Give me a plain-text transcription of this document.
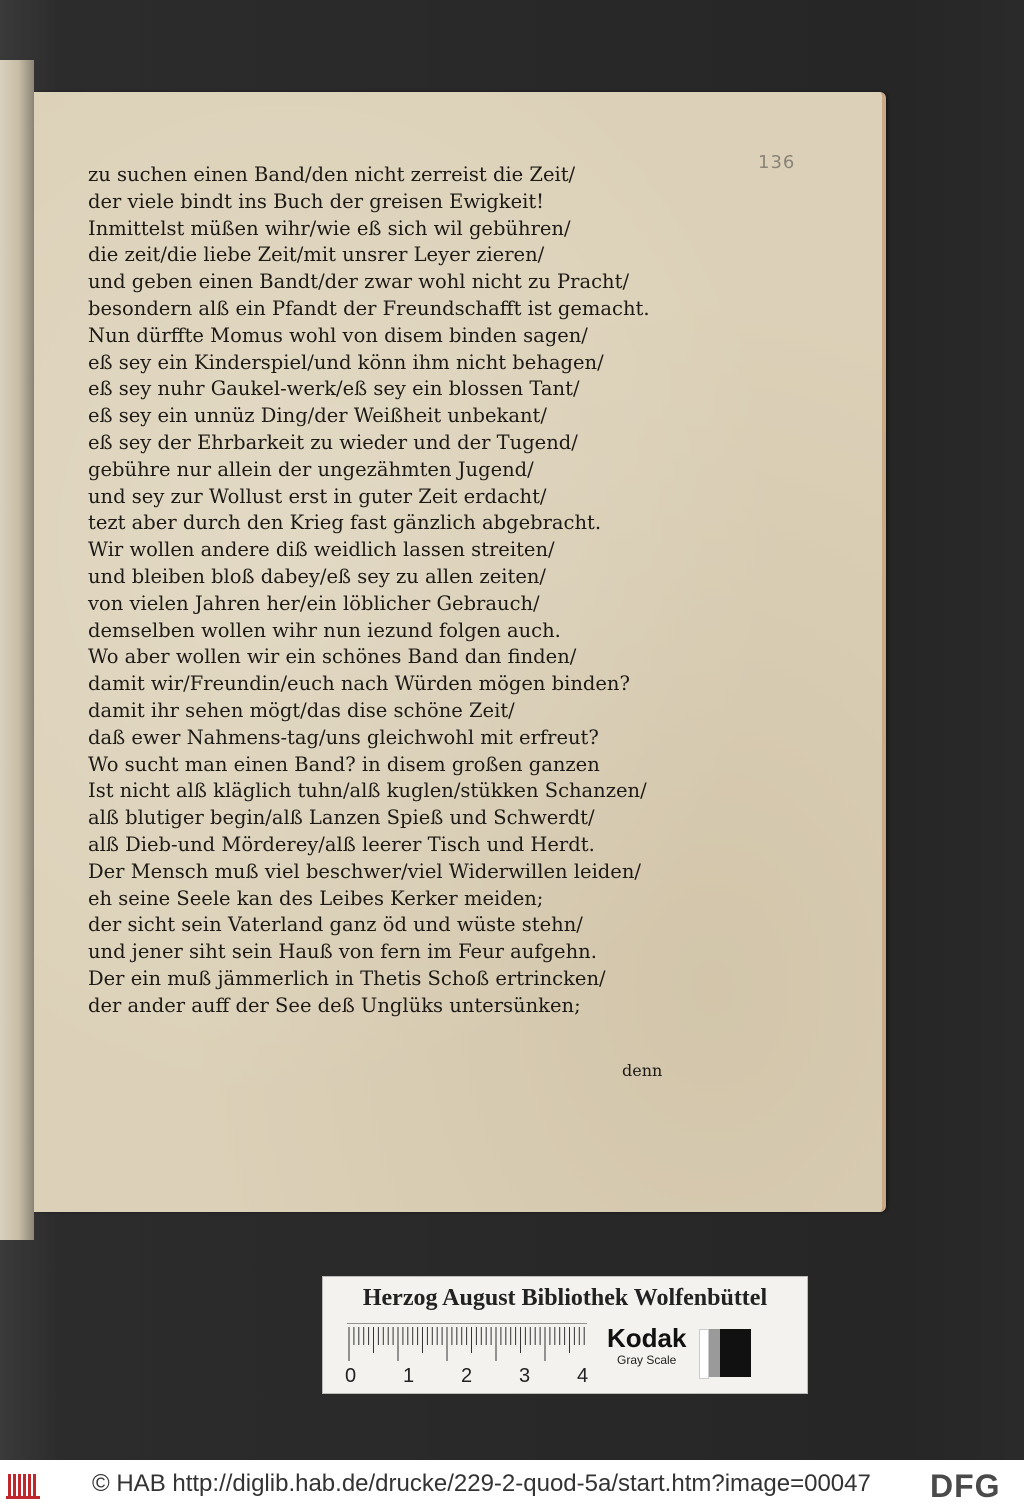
136
zu suchen einen Band/den nicht zerreist die Zeit/
der viele bindt ins Buch der greisen Ewigkeit!
Inmittelst müßen wihr/wie eß sich wil gebühren/
die zeit/die liebe Zeit/mit unsrer Leyer zieren/
und geben einen Bandt/der zwar wohl nicht zu Pracht/
besondern alß ein Pfandt der Freundschafft ist gemacht.
Nun dürffte Momus wohl von disem binden sagen/
eß sey ein Kinderspiel/und könn ihm nicht behagen/
eß sey nuhr Gaukel-werk/eß sey ein blossen Tant/
eß sey ein unnüz Ding/der Weißheit unbekant/
eß sey der Ehrbarkeit zu wieder und der Tugend/
gebühre nur allein der ungezähmten Jugend/
und sey zur Wollust erst in guter Zeit erdacht/
tezt aber durch den Krieg fast gänzlich abgebracht.
Wir wollen andere diß weidlich lassen streiten/
und bleiben bloß dabey/eß sey zu allen zeiten/
von vielen Jahren her/ein löblicher Gebrauch/
demselben wollen wihr nun iezund folgen auch.
Wo aber wollen wir ein schönes Band dan finden/
damit wir/Freundin/euch nach Würden mögen binden?
damit ihr sehen mögt/das dise schöne Zeit/
daß ewer Nahmens-tag/uns gleichwohl mit erfreut?
Wo sucht man einen Band? in disem großen ganzen
Ist nicht alß kläglich tuhn/alß kuglen/stükken Schanzen/
alß blutiger begin/alß Lanzen Spieß und Schwerdt/
alß Dieb-und Mörderey/alß leerer Tisch und Herdt.
Der Mensch muß viel beschwer/viel Widerwillen leiden/
eh seine Seele kan des Leibes Kerker meiden;
der sicht sein Vaterland ganz öd und wüste stehn/
und jener siht sein Hauß von fern im Feur aufgehn.
Der ein muß jämmerlich in Thetis Schoß ertrincken/
der ander auff der See deß Unglüks untersünken;
denn
Herzog August Bibliothek Wolfenbüttel
0 1 2 3 4
Kodak
Gray Scale
© HAB http://diglib.hab.de/drucke/229-2-quod-5a/start.htm?image=00047 DFG
